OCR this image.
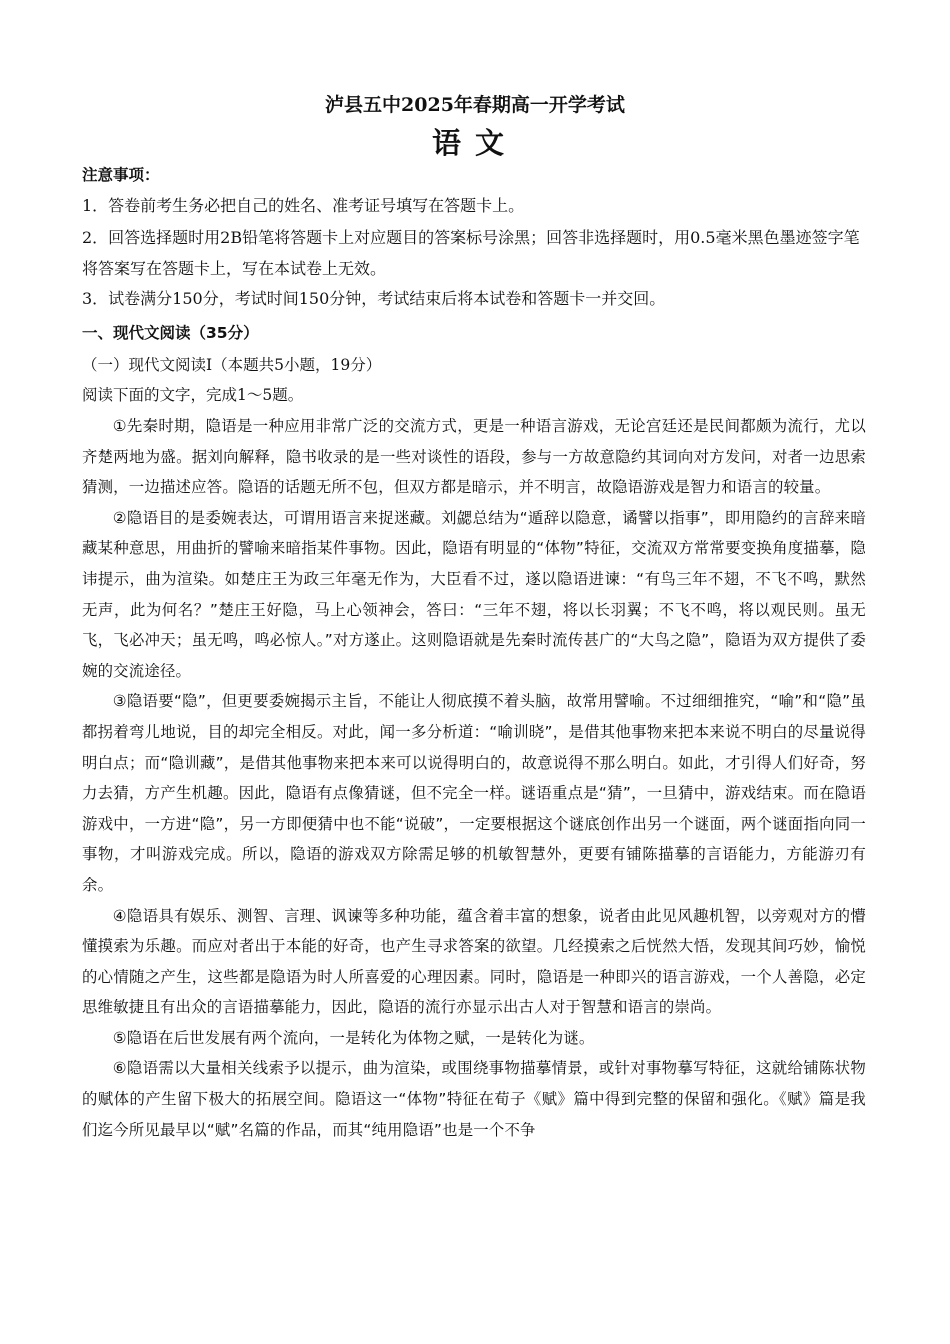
泸县五中2025年春期高一开学考试
语文
注意事项：
1．答卷前考生务必把自己的姓名、准考证号填写在答题卡上。
2．回答选择题时用2B铅笔将答题卡上对应题目的答案标号涂黑；回答非选择题时，用0.5毫米黑色墨迹签字笔将答案写在答题卡上，写在本试卷上无效。
3．试卷满分150分，考试时间150分钟，考试结束后将本试卷和答题卡一并交回。
一、现代文阅读（35分）
（一）现代文阅读Ⅰ（本题共5小题，19分）
阅读下面的文字，完成1～5题。

①先秦时期，隐语是一种应用非常广泛的交流方式，更是一种语言游戏，无论宫廷还是民间都颇为流行，尤以齐楚两地为盛。据刘向解释，隐书收录的是一些对谈性的语段，参与一方故意隐约其词向对方发问，对者一边思索猜测，一边描述应答。隐语的话题无所不包，但双方都是暗示，并不明言，故隐语游戏是智力和语言的较量。

②隐语目的是委婉表达，可谓用语言来捉迷藏。刘勰总结为“遁辞以隐意，谲譬以指事”，即用隐约的言辞来暗藏某种意思，用曲折的譬喻来暗指某件事物。因此，隐语有明显的“体物”特征，交流双方常常要变换角度描摹，隐讳提示，曲为渲染。如楚庄王为政三年毫无作为，大臣看不过，遂以隐语进谏：“有鸟三年不翅，不飞不鸣，默然无声，此为何名？”楚庄王好隐，马上心领神会，答曰：“三年不翅，将以长羽翼；不飞不鸣，将以观民则。虽无飞，飞必冲天；虽无鸣，鸣必惊人。”对方遂止。这则隐语就是先秦时流传甚广的“大鸟之隐”，隐语为双方提供了委婉的交流途径。

③隐语要“隐”，但更要委婉揭示主旨，不能让人彻底摸不着头脑，故常用譬喻。不过细细推究，“喻”和“隐”虽都拐着弯儿地说，目的却完全相反。对此，闻一多分析道：“喻训晓”，是借其他事物来把本来说不明白的尽量说得明白点；而“隐训藏”，是借其他事物来把本来可以说得明白的，故意说得不那么明白。如此，才引得人们好奇，努力去猜，方产生机趣。因此，隐语有点像猜谜，但不完全一样。谜语重点是“猜”，一旦猜中，游戏结束。而在隐语游戏中，一方进“隐”，另一方即便猜中也不能“说破”，一定要根据这个谜底创作出另一个谜面，两个谜面指向同一事物，才叫游戏完成。所以，隐语的游戏双方除需足够的机敏智慧外，更要有铺陈描摹的言语能力，方能游刃有余。

④隐语具有娱乐、测智、言理、讽谏等多种功能，蕴含着丰富的想象，说者由此见风趣机智，以旁观对方的懵懂摸索为乐趣。而应对者出于本能的好奇，也产生寻求答案的欲望。几经摸索之后恍然大悟，发现其间巧妙，愉悦的心情随之产生，这些都是隐语为时人所喜爱的心理因素。同时，隐语是一种即兴的语言游戏，一个人善隐，必定思维敏捷且有出众的言语描摹能力，因此，隐语的流行亦显示出古人对于智慧和语言的崇尚。

⑤隐语在后世发展有两个流向，一是转化为体物之赋，一是转化为谜。

⑥隐语需以大量相关线索予以提示，曲为渲染，或围绕事物描摹情景，或针对事物摹写特征，这就给铺陈状物的赋体的产生留下极大的拓展空间。隐语这一“体物”特征在荀子《赋》篇中得到完整的保留和强化。《赋》篇是我们迄今所见最早以“赋”名篇的作品，而其“纯用隐语”也是一个不争
